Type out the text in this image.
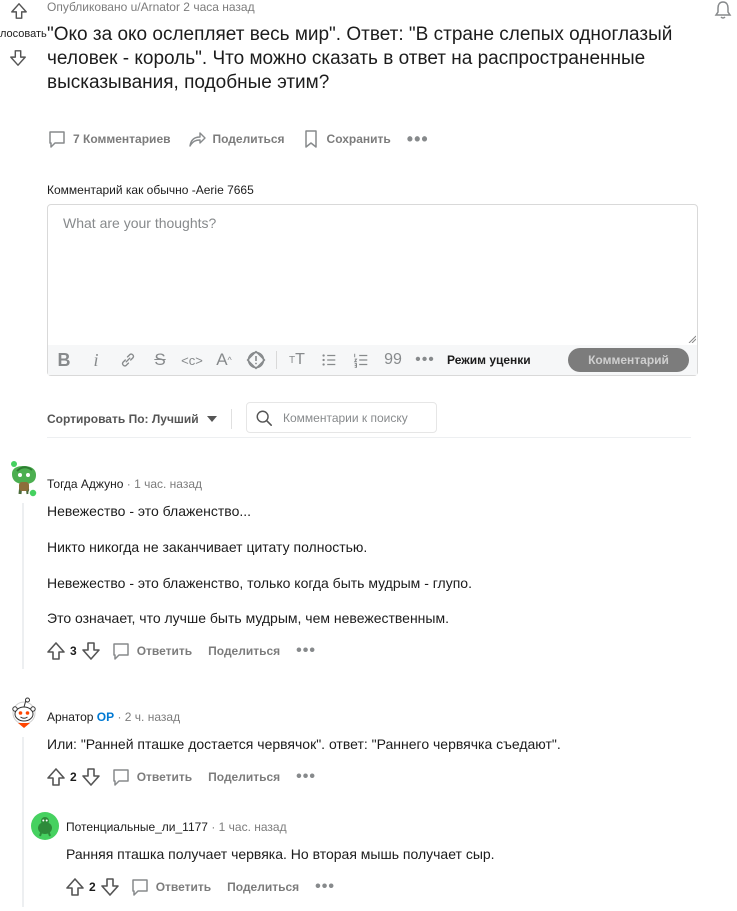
лосовать
Опубликовано u/Arnator 2 часа назад
"Око за око ослепляет весь мир". Ответ: "В стране слепых одноглазый человек - король". Что можно сказать в ответ на распространенные высказывания, подобные этим?
7 Комментариев	Поделиться	Сохранить •••
Комментарий как обычно -Aerie 7665
What are your thoughts?
B	i	S	<c> A ^	T T	99 •••	Режим уценки	Комментарий
Сортировать По: Лучший
Комментарии к поиску
Тогда Аджуно · 1 час. назад
Невежество - это блаженство...
Никто никогда не заканчивает цитату полностью.
Невежество - это блаженство, только когда быть мудрым - глупо.
Это означает, что лучше быть мудрым, чем невежественным.
3	Ответить Поделиться •••
Арнатор OP · 2 ч. назад
Или: "Ранней пташке достается червячок". ответ: "Раннего червячка съедают".
2	Ответить Поделиться •••
Потенциальные_ли_1177 · 1 час. назад
Ранняя пташка получает червяка. Но вторая мышь получает сыр.
2	Ответить Поделиться •••
